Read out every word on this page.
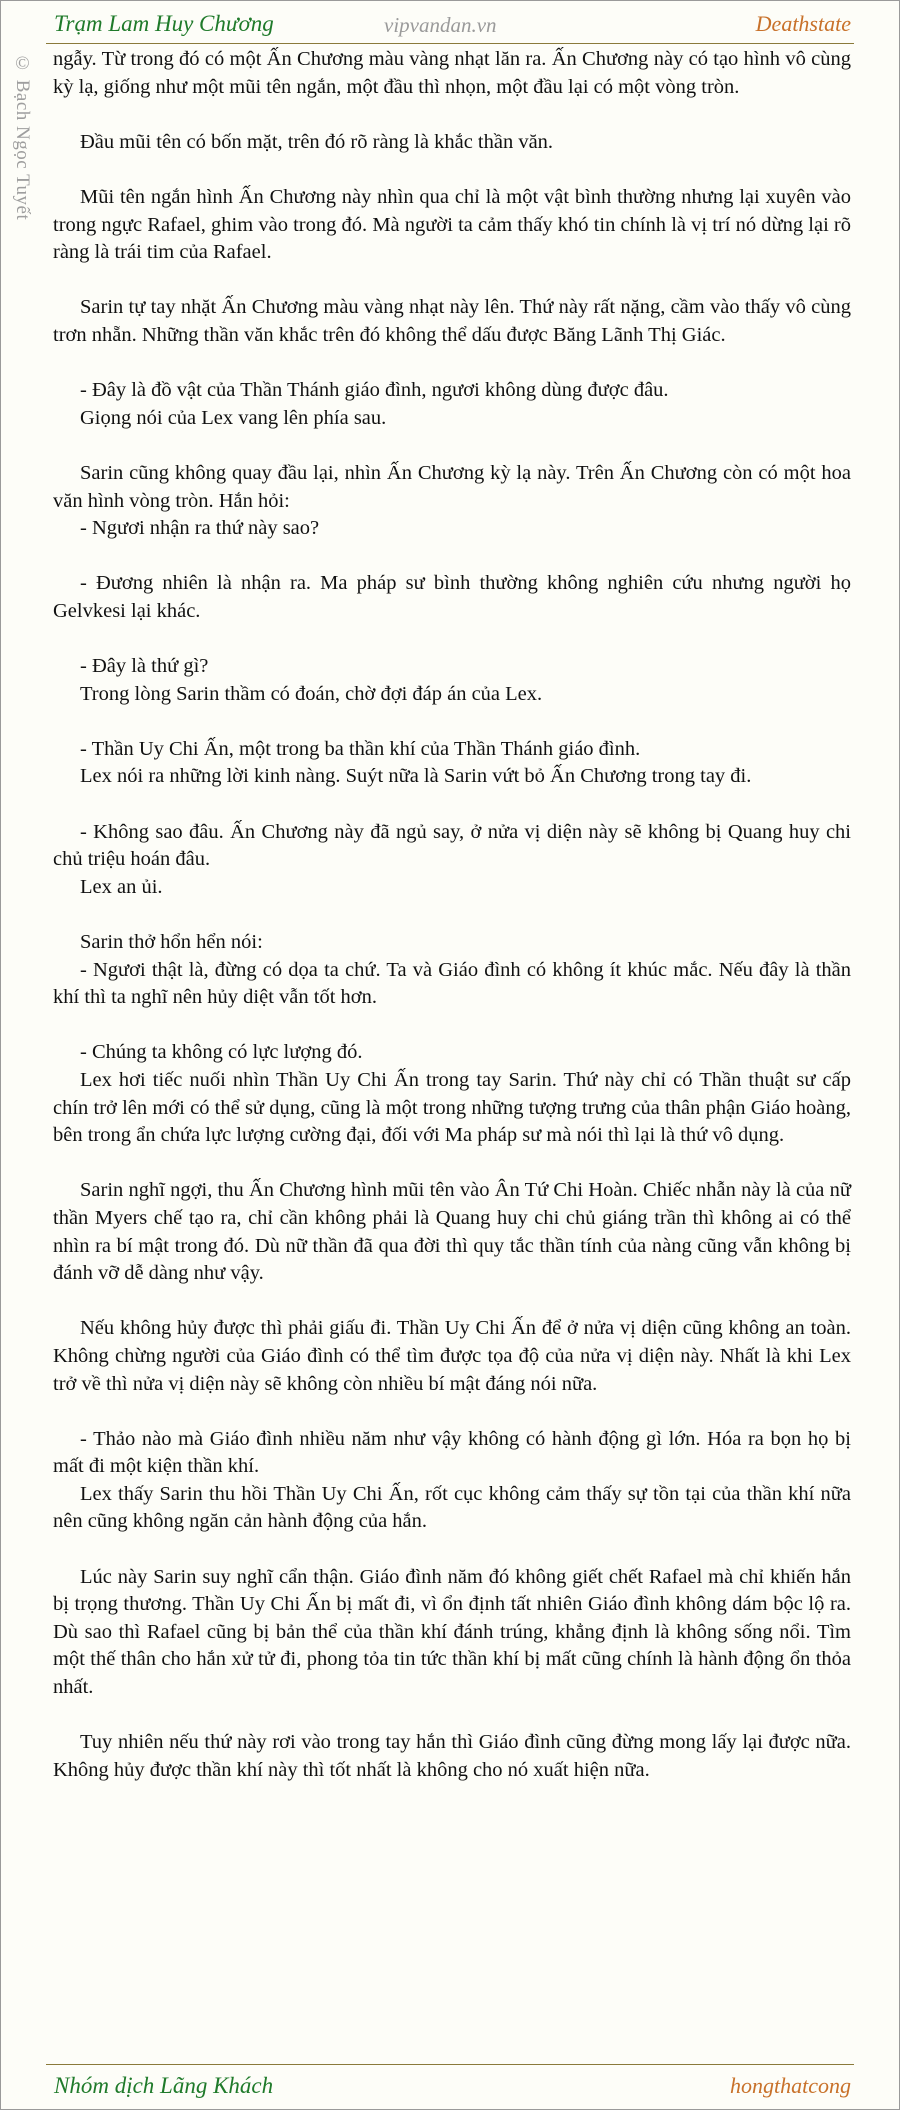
Trạm Lam Huy Chương	vipvandan.vn	Deathstate
© Bạch Ngọc Tuyết ngẫy. Từ trong đó có một Ấn Chương màu vàng nhạt lăn ra. Ấn Chương này có tạo hình vô cùng kỳ lạ, giống như một mũi tên ngắn, một đầu thì nhọn, một đầu lại có một vòng tròn.

Đầu mũi tên có bốn mặt, trên đó rõ ràng là khắc thần văn.

Mũi tên ngắn hình Ấn Chương này nhìn qua chỉ là một vật bình thường nhưng lại xuyên vào trong ngực Rafael, ghim vào trong đó. Mà người ta cảm thấy khó tin chính là vị trí nó dừng lại rõ ràng là trái tim của Rafael.

Sarin tự tay nhặt Ấn Chương màu vàng nhạt này lên. Thứ này rất nặng, cầm vào thấy vô cùng trơn nhẵn. Những thần văn khắc trên đó không thể dấu được Băng Lãnh Thị Giác.

- Đây là đồ vật của Thần Thánh giáo đình, ngươi không dùng được đâu.

Giọng nói của Lex vang lên phía sau.

Sarin cũng không quay đầu lại, nhìn Ấn Chương kỳ lạ này. Trên Ấn Chương còn có một hoa văn hình vòng tròn. Hắn hỏi:

- Ngươi nhận ra thứ này sao?

- Đương nhiên là nhận ra. Ma pháp sư bình thường không nghiên cứu nhưng người họ Gelvkesi lại khác.

- Đây là thứ gì?

Trong lòng Sarin thầm có đoán, chờ đợi đáp án của Lex.

- Thần Uy Chi Ấn, một trong ba thần khí của Thần Thánh giáo đình.

Lex nói ra những lời kinh nàng. Suýt nữa là Sarin vứt bỏ Ấn Chương trong tay đi.

- Không sao đâu. Ấn Chương này đã ngủ say, ở nửa vị diện này sẽ không bị Quang huy chi chủ triệu hoán đâu.

Lex an ủi.

Sarin thở hổn hển nói:

- Ngươi thật là, đừng có dọa ta chứ. Ta và Giáo đình có không ít khúc mắc. Nếu đây là thần khí thì ta nghĩ nên hủy diệt vẫn tốt hơn.

- Chúng ta không có lực lượng đó.

Lex hơi tiếc nuối nhìn Thần Uy Chi Ấn trong tay Sarin. Thứ này chỉ có Thần thuật sư cấp chín trở lên mới có thể sử dụng, cũng là một trong những tượng trưng của thân phận Giáo hoàng, bên trong ẩn chứa lực lượng cường đại, đối với Ma pháp sư mà nói thì lại là thứ vô dụng.

Sarin nghĩ ngợi, thu Ấn Chương hình mũi tên vào Ân Tứ Chi Hoàn. Chiếc nhẫn này là của nữ thần Myers chế tạo ra, chỉ cần không phải là Quang huy chi chủ giáng trần thì không ai có thể nhìn ra bí mật trong đó. Dù nữ thần đã qua đời thì quy tắc thần tính của nàng cũng vẫn không bị đánh vỡ dễ dàng như vậy.

Nếu không hủy được thì phải giấu đi. Thần Uy Chi Ấn để ở nửa vị diện cũng không an toàn. Không chừng người của Giáo đình có thể tìm được tọa độ của nửa vị diện này. Nhất là khi Lex trở về thì nửa vị diện này sẽ không còn nhiều bí mật đáng nói nữa.

- Thảo nào mà Giáo đình nhiều năm như vậy không có hành động gì lớn. Hóa ra bọn họ bị mất đi một kiện thần khí.

Lex thấy Sarin thu hồi Thần Uy Chi Ấn, rốt cục không cảm thấy sự tồn tại của thần khí nữa nên cũng không ngăn cản hành động của hắn.

Lúc này Sarin suy nghĩ cẩn thận. Giáo đình năm đó không giết chết Rafael mà chỉ khiến hắn bị trọng thương. Thần Uy Chi Ấn bị mất đi, vì ổn định tất nhiên Giáo đình không dám bộc lộ ra. Dù sao thì Rafael cũng bị bản thể của thần khí đánh trúng, khẳng định là không sống nổi. Tìm một thế thân cho hắn xử tử đi, phong tỏa tin tức thần khí bị mất cũng chính là hành động ổn thỏa nhất.

Tuy nhiên nếu thứ này rơi vào trong tay hắn thì Giáo đình cũng đừng mong lấy lại được nữa. Không hủy được thần khí này thì tốt nhất là không cho nó xuất hiện nữa.

Nhóm dịch Lãng Khách	hongthatcong
